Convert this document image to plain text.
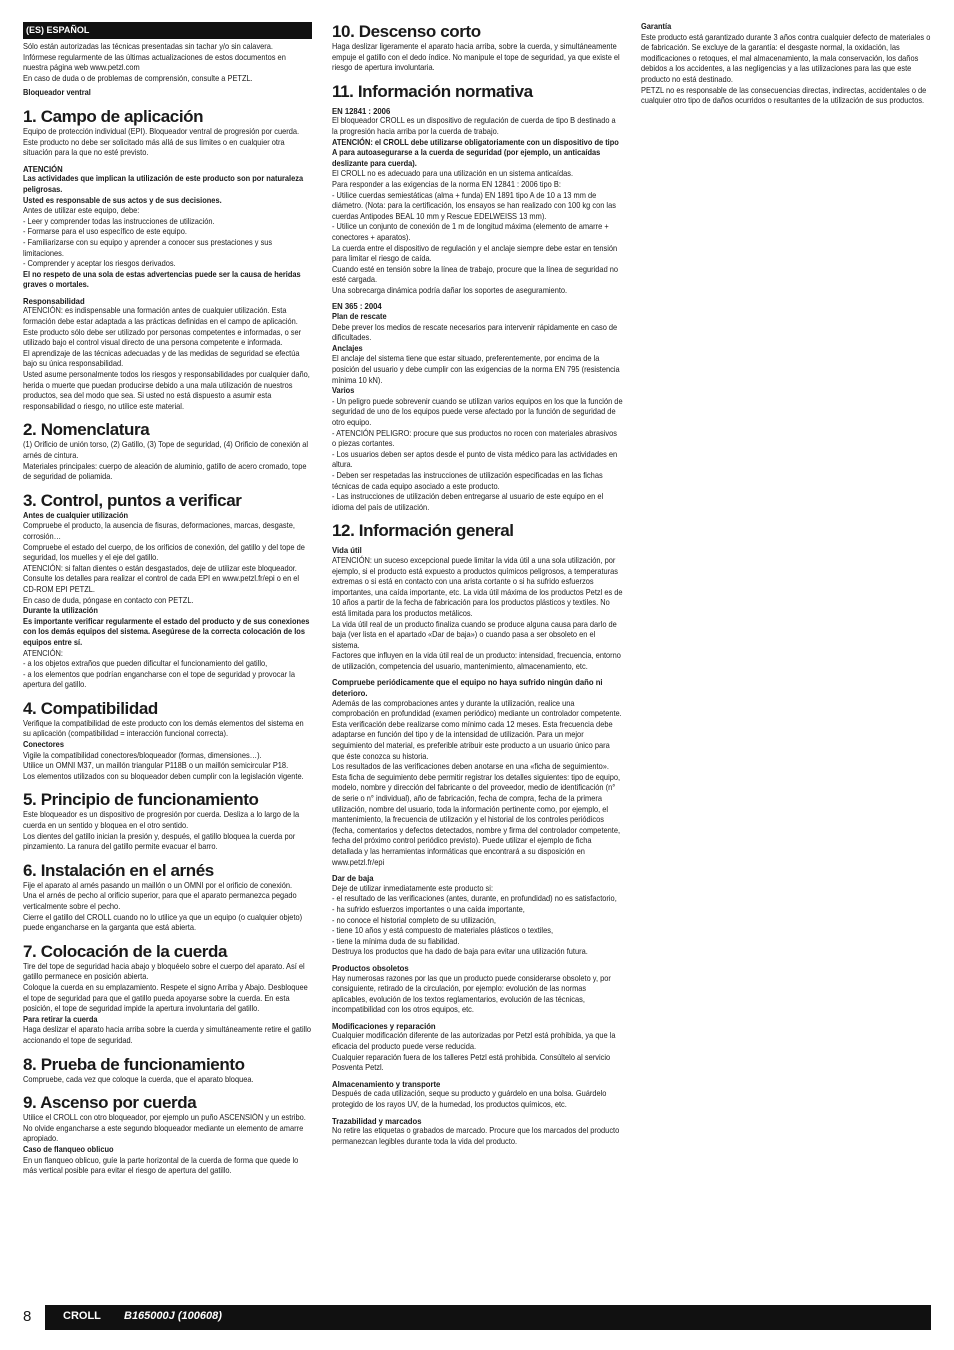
(ES) ESPAÑOL

Sólo están autorizadas las técnicas presentadas sin tachar y/o sin calavera.

Infórmese regularmente de las últimas actualizaciones de estos documentos en nuestra página web www.petzl.com

En caso de duda o de problemas de comprensión, consulte a PETZL.

Bloqueador ventral

1. Campo de aplicación

Equipo de protección individual (EPI). Bloqueador ventral de progresión por cuerda.

Este producto no debe ser solicitado más allá de sus límites o en cualquier otra situación para la que no esté previsto.

ATENCIÓN

Las actividades que implican la utilización de este producto son por naturaleza peligrosas.

Usted es responsable de sus actos y de sus decisiones.

Antes de utilizar este equipo, debe:

- Leer y comprender todas las instrucciones de utilización.

- Formarse para el uso específico de este equipo.

- Familiarizarse con su equipo y aprender a conocer sus prestaciones y sus limitaciones.

- Comprender y aceptar los riesgos derivados.

El no respeto de una sola de estas advertencias puede ser la causa de heridas graves o mortales.

Responsabilidad

ATENCIÓN: es indispensable una formación antes de cualquier utilización. Esta formación debe estar adaptada a las prácticas definidas en el campo de aplicación.

Este producto sólo debe ser utilizado por personas competentes e informadas, o ser utilizado bajo el control visual directo de una persona competente e informada.

El aprendizaje de las técnicas adecuadas y de las medidas de seguridad se efectúa bajo su única responsabilidad.

Usted asume personalmente todos los riesgos y responsabilidades por cualquier daño, herida o muerte que puedan producirse debido a una mala utilización de nuestros productos, sea del modo que sea. Si usted no está dispuesto a asumir esta responsabilidad o riesgo, no utilice este material.

2. Nomenclatura

(1) Orificio de unión torso, (2) Gatillo, (3) Tope de seguridad, (4) Orificio de conexión al arnés de cintura.

Materiales principales: cuerpo de aleación de aluminio, gatillo de acero cromado, tope de seguridad de poliamida.

3. Control, puntos a verificar

Antes de cualquier utilización

Compruebe el producto, la ausencia de fisuras, deformaciones, marcas, desgaste, corrosión…

Compruebe el estado del cuerpo, de los orificios de conexión, del gatillo y del tope de seguridad, los muelles y el eje del gatillo.

ATENCIÓN: si faltan dientes o están desgastados, deje de utilizar este bloqueador.

Consulte los detalles para realizar el control de cada EPI en www.petzl.fr/epi o en el CD-ROM EPI PETZL.

En caso de duda, póngase en contacto con PETZL.

Durante la utilización

Es importante verificar regularmente el estado del producto y de sus conexiones con los demás equipos del sistema. Asegúrese de la correcta colocación de los equipos entre sí.

ATENCIÓN:

- a los objetos extraños que pueden dificultar el funcionamiento del gatillo,

- a los elementos que podrían engancharse con el tope de seguridad y provocar la apertura del gatillo.

4. Compatibilidad

Verifique la compatibilidad de este producto con los demás elementos del sistema en su aplicación (compatibilidad = interacción funcional correcta).

Conectores

Vigile la compatibilidad conectores/bloqueador (formas, dimensiones…).

Utilice un OMNI M37, un maillón triangular P118B o un maillón semicircular P18.

Los elementos utilizados con su bloqueador deben cumplir con la legislación vigente.

5. Principio de funcionamiento

Este bloqueador es un dispositivo de progresión por cuerda. Desliza a lo largo de la cuerda en un sentido y bloquea en el otro sentido.

Los dientes del gatillo inician la presión y, después, el gatillo bloquea la cuerda por pinzamiento. La ranura del gatillo permite evacuar el barro.

6. Instalación en el arnés

Fije el aparato al arnés pasando un maillón o un OMNI por el orificio de conexión.

Una el arnés de pecho al orificio superior, para que el aparato permanezca pegado verticalmente sobre el pecho.

Cierre el gatillo del CROLL cuando no lo utilice ya que un equipo (o cualquier objeto) puede engancharse en la garganta que está abierta.

7. Colocación de la cuerda

Tire del tope de seguridad hacia abajo y bloquéelo sobre el cuerpo del aparato. Así el gatillo permanece en posición abierta.

Coloque la cuerda en su emplazamiento. Respete el signo Arriba y Abajo. Desbloquee el tope de seguridad para que el gatillo pueda apoyarse sobre la cuerda. En esta posición, el tope de seguridad impide la apertura involuntaria del gatillo.

Para retirar la cuerda

Haga deslizar el aparato hacia arriba sobre la cuerda y simultáneamente retire el gatillo accionando el tope de seguridad.

8. Prueba de funcionamiento

Compruebe, cada vez que coloque la cuerda, que el aparato bloquea.

9. Ascenso por cuerda

Utilice el CROLL con otro bloqueador, por ejemplo un puño ASCENSIÓN y un estribo. No olvide engancharse a este segundo bloqueador mediante un elemento de amarre apropiado.

Caso de flanqueo oblicuo

En un flanqueo oblicuo, guíe la parte horizontal de la cuerda de forma que quede lo más vertical posible para evitar el riesgo de apertura del gatillo.

10. Descenso corto

Haga deslizar ligeramente el aparato hacia arriba, sobre la cuerda, y simultáneamente empuje el gatillo con el dedo índice. No manipule el tope de seguridad, ya que existe el riesgo de apertura involuntaria.

11. Información normativa

EN 12841 : 2006

El bloqueador CROLL es un dispositivo de regulación de cuerda de tipo B destinado a la progresión hacia arriba por la cuerda de trabajo.

ATENCIÓN: el CROLL debe utilizarse obligatoriamente con un dispositivo de tipo A para autoasegurarse a la cuerda de seguridad (por ejemplo, un anticaídas deslizante para cuerda).

El CROLL no es adecuado para una utilización en un sistema anticaídas.

Para responder a las exigencias de la norma EN 12841 : 2006 tipo B:

- Utilice cuerdas semiestáticas (alma + funda) EN 1891 tipo A de 10 a 13 mm de diámetro. (Nota: para la certificación, los ensayos se han realizado con 100 kg con las cuerdas Antipodes BEAL 10 mm y Rescue EDELWEISS 13 mm).

- Utilice un conjunto de conexión de 1 m de longitud máxima (elemento de amarre + conectores + aparatos).

La cuerda entre el dispositivo de regulación y el anclaje siempre debe estar en tensión para limitar el riesgo de caída.

Cuando esté en tensión sobre la línea de trabajo, procure que la línea de seguridad no esté cargada.

Una sobrecarga dinámica podría dañar los soportes de aseguramiento.

EN 365 : 2004

Plan de rescate

Debe prever los medios de rescate necesarios para intervenir rápidamente en caso de dificultades.

Anclajes

El anclaje del sistema tiene que estar situado, preferentemente, por encima de la posición del usuario y debe cumplir con las exigencias de la norma EN 795 (resistencia mínima 10 kN).

Varios

- Un peligro puede sobrevenir cuando se utilizan varios equipos en los que la función de seguridad de uno de los equipos puede verse afectado por la función de seguridad de otro equipo.

- ATENCIÓN PELIGRO: procure que sus productos no rocen con materiales abrasivos o piezas cortantes.

- Los usuarios deben ser aptos desde el punto de vista médico para las actividades en altura.

- Deben ser respetadas las instrucciones de utilización especificadas en las fichas técnicas de cada equipo asociado a este producto.

- Las instrucciones de utilización deben entregarse al usuario de este equipo en el idioma del país de utilización.

12. Información general

Vida útil

ATENCIÓN: un suceso excepcional puede limitar la vida útil a una sola utilización, por ejemplo, si el producto está expuesto a productos químicos peligrosos, a temperaturas extremas o si está en contacto con una arista cortante o si ha sufrido esfuerzos importantes, una caída importante, etc. La vida útil máxima de los productos Petzl es de 10 años a partir de la fecha de fabricación para los productos plásticos y textiles. No está limitada para los productos metálicos.

La vida útil real de un producto finaliza cuando se produce alguna causa para darlo de baja (ver lista en el apartado «Dar de baja») o cuando pasa a ser obsoleto en el sistema.

Factores que influyen en la vida útil real de un producto: intensidad, frecuencia, entorno de utilización, competencia del usuario, mantenimiento, almacenamiento, etc.

Compruebe periódicamente que el equipo no haya sufrido ningún daño ni deterioro.

Además de las comprobaciones antes y durante la utilización, realice una comprobación en profundidad (examen periódico) mediante un controlador competente. Esta verificación debe realizarse como mínimo cada 12 meses. Esta frecuencia debe adaptarse en función del tipo y de la intensidad de utilización. Para un mejor seguimiento del material, es preferible atribuir este producto a un usuario único para que éste conozca su historia.

Los resultados de las verificaciones deben anotarse en una «ficha de seguimiento». Esta ficha de seguimiento debe permitir registrar los detalles siguientes: tipo de equipo, modelo, nombre y dirección del fabricante o del proveedor, medio de identificación (n° de serie o n° individual), año de fabricación, fecha de compra, fecha de la primera utilización, nombre del usuario, toda la información pertinente como, por ejemplo, el mantenimiento, la frecuencia de utilización y el historial de los controles periódicos (fecha, comentarios y defectos detectados, nombre y firma del controlador competente, fecha del próximo control periódico previsto). Puede utilizar el ejemplo de ficha detallada y las herramientas informáticas que encontrará a su disposición en www.petzl.fr/epi

Dar de baja

Deje de utilizar inmediatamente este producto si:

- el resultado de las verificaciones (antes, durante, en profundidad) no es satisfactorio,

- ha sufrido esfuerzos importantes o una caída importante,

- no conoce el historial completo de su utilización,

- tiene 10 años y está compuesto de materiales plásticos o textiles,

- tiene la mínima duda de su fiabilidad.

Destruya los productos que ha dado de baja para evitar una utilización futura.

Productos obsoletos

Hay numerosas razones por las que un producto puede considerarse obsoleto y, por consiguiente, retirado de la circulación, por ejemplo: evolución de las normas aplicables, evolución de los textos reglamentarios, evolución de las técnicas, incompatibilidad con los otros equipos, etc.

Modificaciones y reparación

Cualquier modificación diferente de las autorizadas por Petzl está prohibida, ya que la eficacia del producto puede verse reducida.

Cualquier reparación fuera de los talleres Petzl está prohibida. Consúltelo al servicio Posventa Petzl.

Almacenamiento y transporte

Después de cada utilización, seque su producto y guárdelo en una bolsa. Guárdelo protegido de los rayos UV, de la humedad, los productos químicos, etc.

Trazabilidad y marcados

No retire las etiquetas o grabados de marcado. Procure que los marcados del producto permanezcan legibles durante toda la vida del producto.

Garantía

Este producto está garantizado durante 3 años contra cualquier defecto de materiales o de fabricación. Se excluye de la garantía: el desgaste normal, la oxidación, las modificaciones o retoques, el mal almacenamiento, la mala conservación, los daños debidos a los accidentes, a las negligencias y a las utilizaciones para las que este producto no está destinado.

PETZL no es responsable de las consecuencias directas, indirectas, accidentales o de cualquier otro tipo de daños ocurridos o resultantes de la utilización de sus productos.

8	CROLL B165000J (100608)
